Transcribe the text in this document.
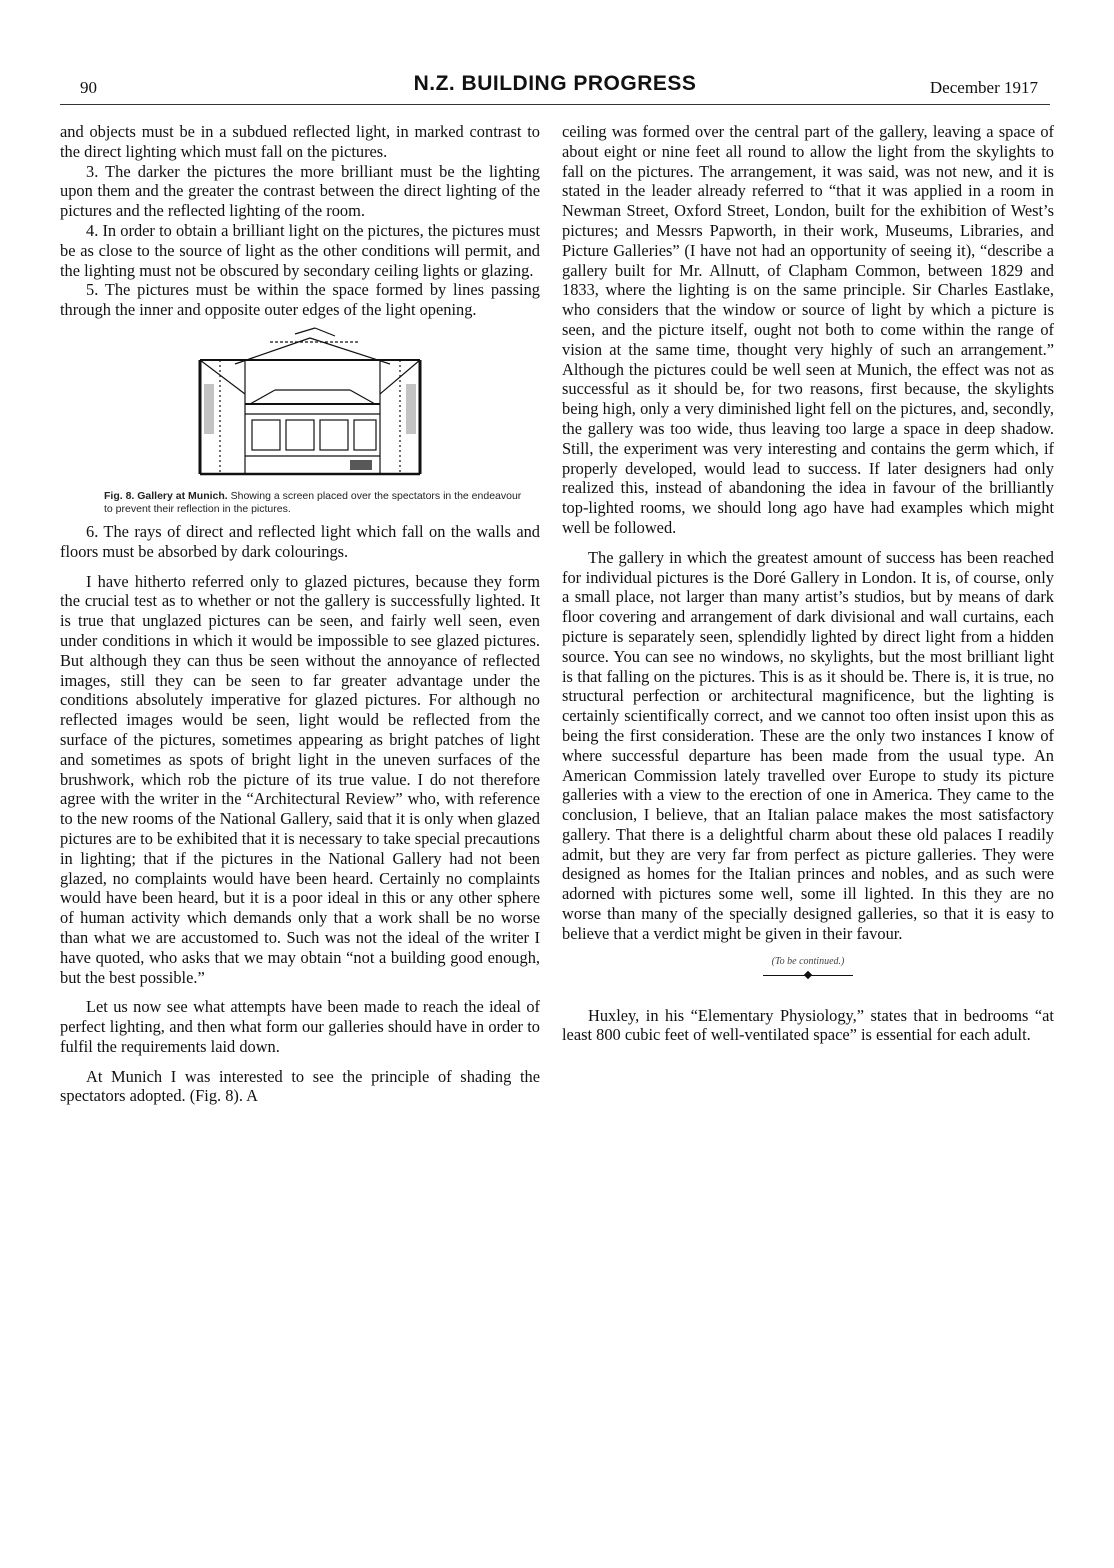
90	N.Z. BUILDING PROGRESS	December 1917

and objects must be in a subdued reflected light, in marked contrast to the direct lighting which must fall on the pictures.

3. The darker the pictures the more brilliant must be the lighting upon them and the greater the contrast between the direct lighting of the pictures and the reflected lighting of the room.

4. In order to obtain a brilliant light on the pictures, the pictures must be as close to the source of light as the other conditions will permit, and the lighting must not be obscured by secondary ceiling lights or glazing.

5. The pictures must be within the space formed by lines passing through the inner and opposite outer edges of the light opening.

Fig. 8. Gallery at Munich. Showing a screen placed over the spectators in the endeavour to prevent their reflection in the pictures.

6. The rays of direct and reflected light which fall on the walls and floors must be absorbed by dark colourings.

I have hitherto referred only to glazed pictures, because they form the crucial test as to whether or not the gallery is successfully lighted. It is true that unglazed pictures can be seen, and fairly well seen, even under conditions in which it would be impossible to see glazed pictures. But although they can thus be seen without the annoyance of reflected images, still they can be seen to far greater advantage under the conditions absolutely imperative for glazed pictures. For although no reflected images would be seen, light would be reflected from the surface of the pictures, sometimes appearing as bright patches of light and sometimes as spots of bright light in the uneven surfaces of the brushwork, which rob the picture of its true value. I do not therefore agree with the writer in the “Architectural Review” who, with reference to the new rooms of the National Gallery, said that it is only when glazed pictures are to be exhibited that it is necessary to take special precautions in lighting; that if the pictures in the National Gallery had not been glazed, no complaints would have been heard. Certainly no complaints would have been heard, but it is a poor ideal in this or any other sphere of human activity which demands only that a work shall be no worse than what we are accustomed to. Such was not the ideal of the writer I have quoted, who asks that we may obtain “not a building good enough, but the best possible.”

Let us now see what attempts have been made to reach the ideal of perfect lighting, and then what form our galleries should have in order to fulfil the requirements laid down.

At Munich I was interested to see the principle of shading the spectators adopted. (Fig. 8). A

ceiling was formed over the central part of the gallery, leaving a space of about eight or nine feet all round to allow the light from the skylights to fall on the pictures. The arrangement, it was said, was not new, and it is stated in the leader already referred to “that it was applied in a room in Newman Street, Oxford Street, London, built for the exhibition of West’s pictures; and Messrs Papworth, in their work, Museums, Libraries, and Picture Galleries” (I have not had an opportunity of seeing it), “describe a gallery built for Mr. Allnutt, of Clapham Common, between 1829 and 1833, where the lighting is on the same principle. Sir Charles Eastlake, who considers that the window or source of light by which a picture is seen, and the picture itself, ought not both to come within the range of vision at the same time, thought very highly of such an arrangement.” Although the pictures could be well seen at Munich, the effect was not as successful as it should be, for two reasons, first because, the skylights being high, only a very diminished light fell on the pictures, and, secondly, the gallery was too wide, thus leaving too large a space in deep shadow. Still, the experiment was very interesting and contains the germ which, if properly developed, would lead to success. If later designers had only realized this, instead of abandoning the idea in favour of the brilliantly top-lighted rooms, we should long ago have had examples which might well be followed.

The gallery in which the greatest amount of success has been reached for individual pictures is the Doré Gallery in London. It is, of course, only a small place, not larger than many artist’s studios, but by means of dark floor covering and arrangement of dark divisional and wall curtains, each picture is separately seen, splendidly lighted by direct light from a hidden source. You can see no windows, no skylights, but the most brilliant light is that falling on the pictures. This is as it should be. There is, it is true, no structural perfection or architectural magnificence, but the lighting is certainly scientifically correct, and we cannot too often insist upon this as being the first consideration. These are the only two instances I know of where successful departure has been made from the usual type. An American Commission lately travelled over Europe to study its picture galleries with a view to the erection of one in America. They came to the conclusion, I believe, that an Italian palace makes the most satisfactory gallery. That there is a delightful charm about these old palaces I readily admit, but they are very far from perfect as picture galleries. They were designed as homes for the Italian princes and nobles, and as such were adorned with pictures some well, some ill lighted. In this they are no worse than many of the specially designed galleries, so that it is easy to believe that a verdict might be given in their favour.

(To be continued.)

Huxley, in his “Elementary Physiology,” states that in bedrooms “at least 800 cubic feet of well-ventilated space” is essential for each adult.
